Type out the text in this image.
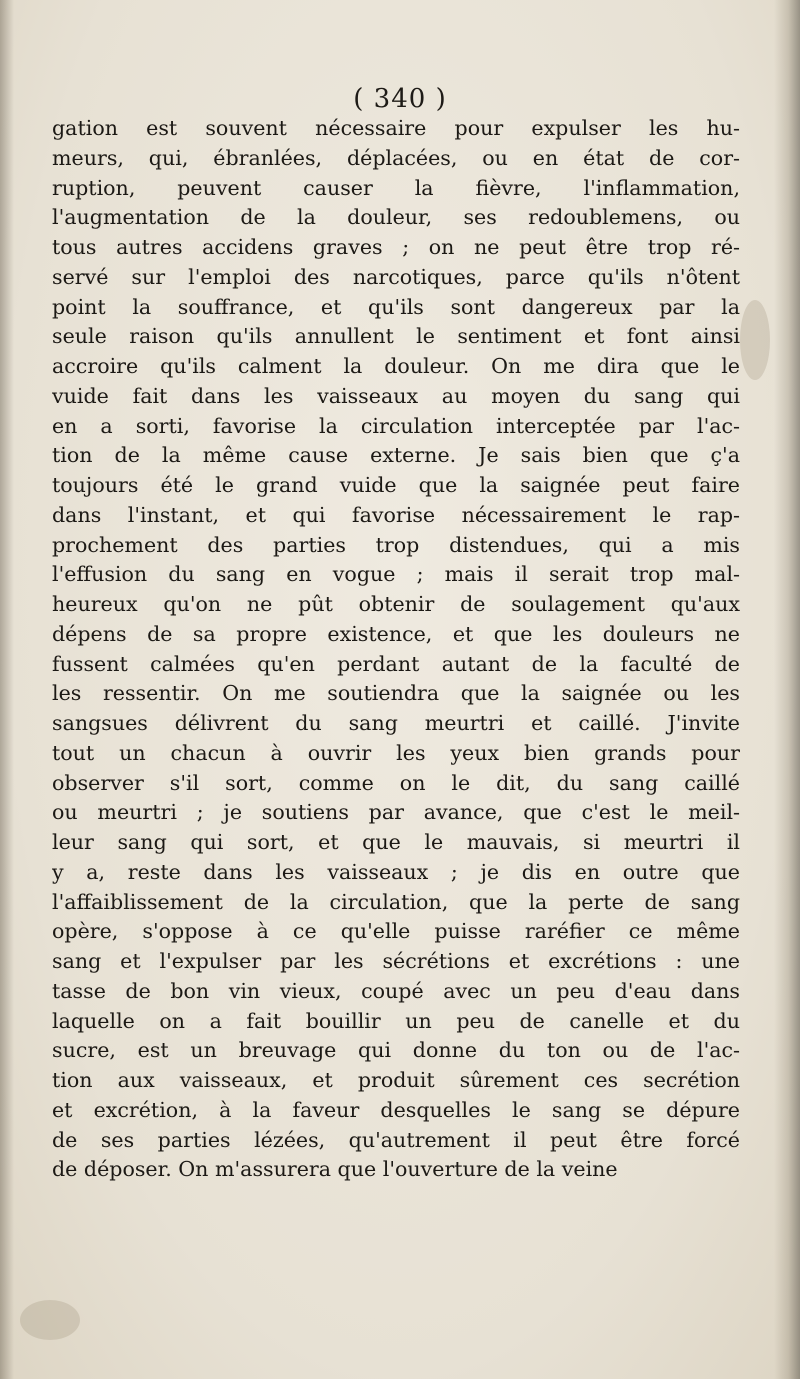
( 340 )
gation est souvent nécessaire pour expulser les hu-
meurs, qui, ébranlées, déplacées, ou en état de cor-
ruption, peuvent causer la fièvre, l'inflammation,
l'augmentation de la douleur, ses redoublemens, ou
tous autres accidens graves ; on ne peut être trop ré-
servé sur l'emploi des narcotiques, parce qu'ils n'ôtent
point la souffrance, et qu'ils sont dangereux par la
seule raison qu'ils annullent le sentiment et font ainsi
accroire qu'ils calment la douleur. On me dira que le
vuide fait dans les vaisseaux au moyen du sang qui
en a sorti, favorise la circulation interceptée par l'ac-
tion de la même cause externe. Je sais bien que ç'a
toujours été le grand vuide que la saignée peut faire
dans l'instant, et qui favorise nécessairement le rap-
prochement des parties trop distendues, qui a mis
l'effusion du sang en vogue ; mais il serait trop mal-
heureux qu'on ne pût obtenir de soulagement qu'aux
dépens de sa propre existence, et que les douleurs ne
fussent calmées qu'en perdant autant de la faculté de
les ressentir. On me soutiendra que la saignée ou les
sangsues délivrent du sang meurtri et caillé. J'invite
tout un chacun à ouvrir les yeux bien grands pour
observer s'il sort, comme on le dit, du sang caillé
ou meurtri ; je soutiens par avance, que c'est le meil-
leur sang qui sort, et que le mauvais, si meurtri il
y a, reste dans les vaisseaux ; je dis en outre que
l'affaiblissement de la circulation, que la perte de sang
opère, s'oppose à ce qu'elle puisse raréfier ce même
sang et l'expulser par les sécrétions et excrétions : une
tasse de bon vin vieux, coupé avec un peu d'eau dans
laquelle on a fait bouillir un peu de canelle et du
sucre, est un breuvage qui donne du ton ou de l'ac-
tion aux vaisseaux, et produit sûrement ces secrétion
et excrétion, à la faveur desquelles le sang se dépure
de ses parties lézées, qu'autrement il peut être forcé
de déposer. On m'assurera que l'ouverture de la veine
